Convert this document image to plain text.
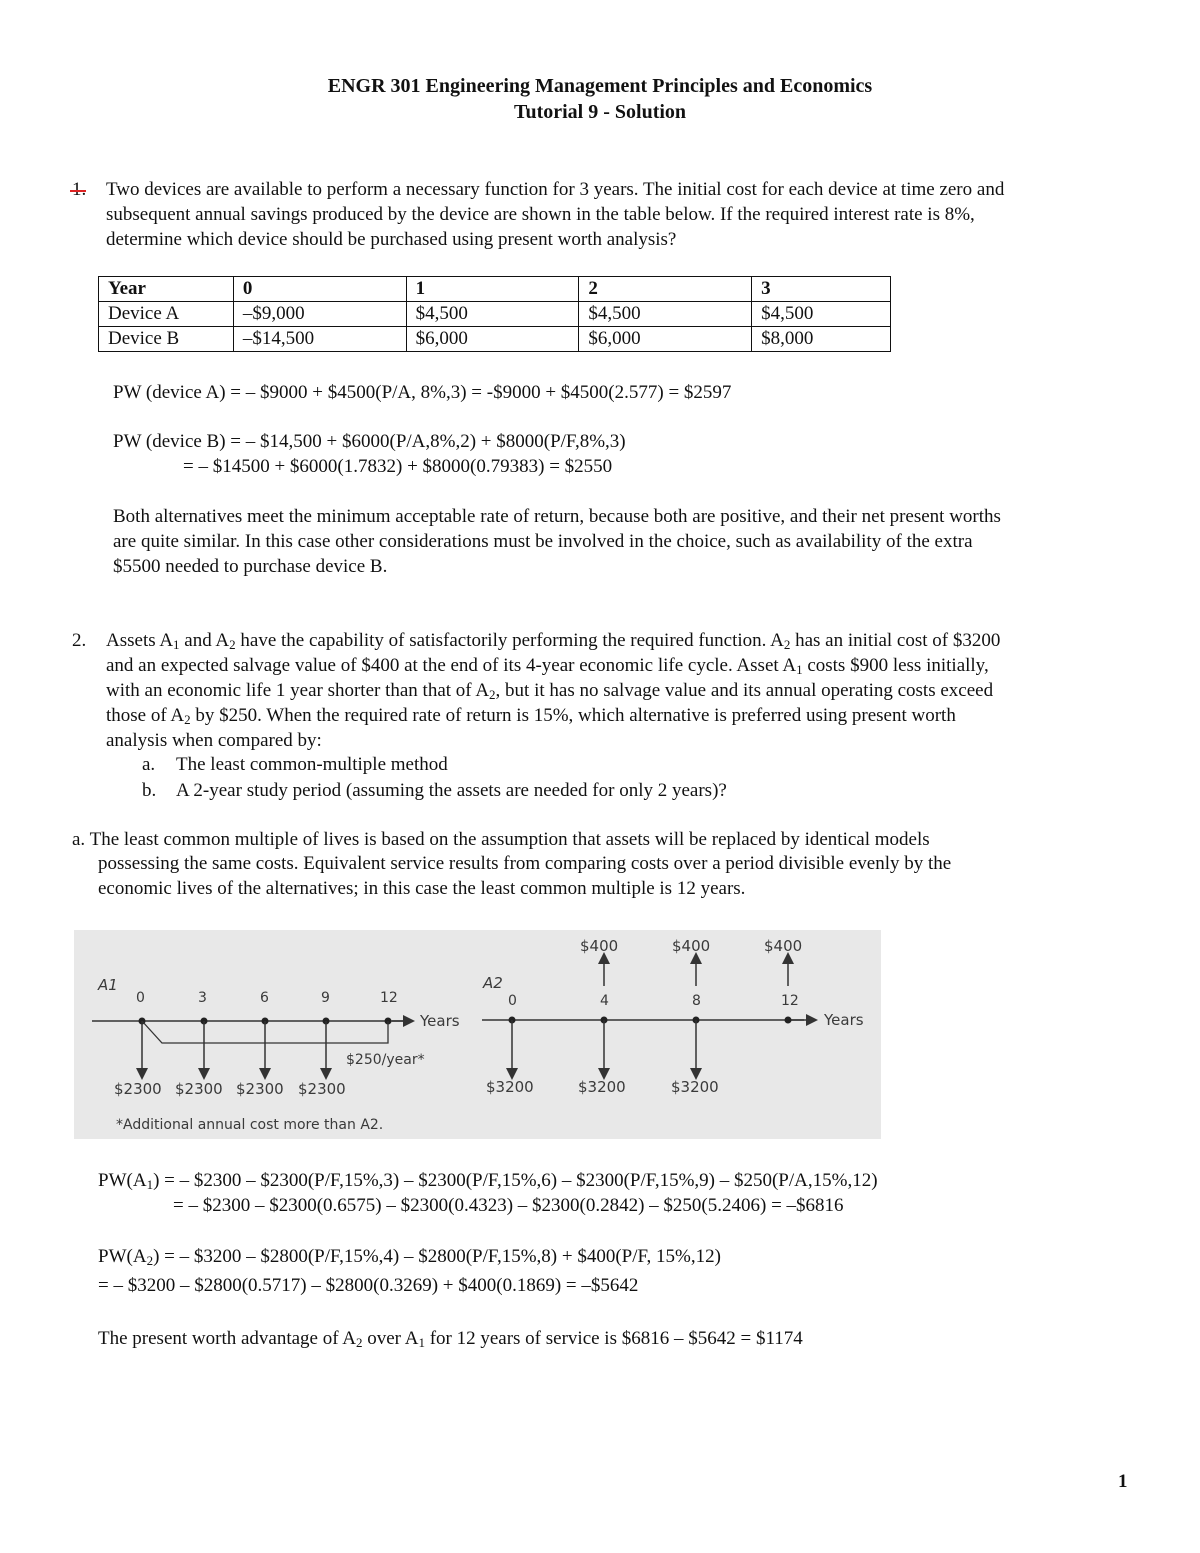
ENGR 301 Engineering Management Principles and Economics
Tutorial 9 - Solution
Two devices are available to perform a necessary function for 3 years. The initial cost for each device at time zero and
subsequent annual savings produced by the device are shown in the table below. If the required interest rate is 8%,
determine which device should be purchased using present worth analysis?
Year	0	1	2	3
Device A	–$9,000	$4,500	$4,500	$4,500
Device B	–$14,500	$6,000	$6,000	$8,000
PW (device A) = – $9000 + $4500(P/A, 8%,3) = -$9000 + $4500(2.577) = $2597
PW (device B) = – $14,500 + $6000(P/A,8%,2) + $8000(P/F,8%,3)
= – $14500 + $6000(1.7832) + $8000(0.79383) = $2550
Both alternatives meet the minimum acceptable rate of return, because both are positive, and their net present worths
are quite similar. In this case other considerations must be involved in the choice, such as availability of the extra
$5500 needed to purchase device B.
2. Assets $A_1$ and $A_2$ have the capability of satisfactorily performing the required function. $A_2$ has an initial cost of $3200
and an expected salvage value of $400 at the end of its 4-year economic life cycle. Asset $A_1$ costs $900 less initially,
with an economic life 1 year shorter than that of $A_2$, but it has no salvage value and its annual operating costs exceed
those of $A_2$ by $250. When the required rate of return is 15%, which alternative is preferred using present worth
analysis when compared by:
a. The least common-multiple method
b. A 2-year study period (assuming the assets are needed for only 2 years)?
a. The least common multiple of lives is based on the assumption that assets will be replaced by identical models
possessing the same costs. Equivalent service results from comparing costs over a period divisible evenly by the
economic lives of the alternatives; in this case the least common multiple is 12 years.
A1
0	3	6	9	12
Years
$250/year*
$2300 $2300 $2300 $2300
*Additional annual cost more than A2.
A2
0	4	8	12
Years
$400	$400	$400
$3200	$3200	$3200
$PW(A_1)$ = – $2300 – $2300(P/F,15%,3) – $2300(P/F,15%,6) – $2300(P/F,15%,9) – $250(P/A,15%,12)
= – $2300 – $2300(0.6575) – $2300(0.4323) – $2300(0.2842) – $250(5.2406) = –$6816
$PW(A_2)$ = – $3200 – $2800(P/F,15%,4) – $2800(P/F,15%,8) + $400(P/F, 15%,12)
= – $3200 – $2800(0.5717) – $2800(0.3269) + $400(0.1869) = –$5642
The present worth advantage of $A_2$ over $A_1$ for 12 years of service is $6816 – $5642 = $1174
1
